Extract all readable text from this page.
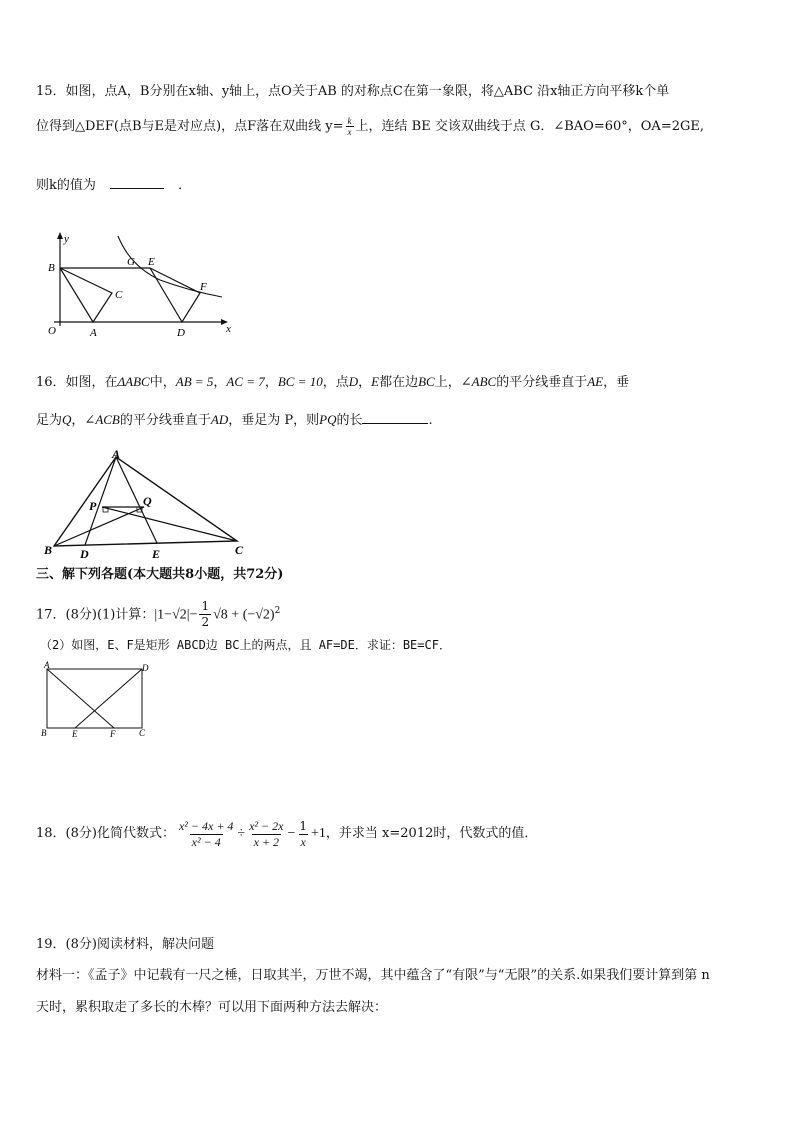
15．如图，点A，B分别在x轴、y轴上，点O关于AB 的对称点C在第一象限，将△ABC 沿x轴正方向平移k个单
位得到△DEF(点B与E是对应点)，点F落在双曲线 $y= \frac{k}{x}$ 上，连结 BE 交该双曲线于点 G．∠BAO=60°，OA=2GE,
则k的值为	．
y
B	G E
C
F
O	A	D	x
16．如图，在ΔABC中，AB = 5，AC = 7，BC = 10，点D，E都在边BC上，∠ABC的平分线垂直于AE，垂
足为Q，∠ACB的平分线垂直于AD，垂足为 P，则PQ的长	.
A
P	Q
B D	E	C
三、解下列各题(本大题共8小题，共72分)
17．(8分)(1)计算：$|1-√2|- \frac{1}{2} √8 + (-√2)^2$
（2）如图，E、F是矩形 ABCD边 BC上的两点，且 AF=DE．求证：BE=CF．
A	D
B	E	F	C
18．(8分)化简代数式： $\frac{\text{x² − 4x + 4}}{\text{x² − 4}} \div \frac{\text{x² − 2x}}{x + 2} - \frac{1}{x} +1$ ，并求当 x=2012时，代数式的值．
19．(8分)阅读材料，解决问题
材料一：《孟子》中记载有一尺之棰，日取其半，万世不竭，其中蕴含了“有限”与“无限”的关系.如果我们要计算到第 n
天时，累积取走了多长的木棒？可以用下面两种方法去解决：
